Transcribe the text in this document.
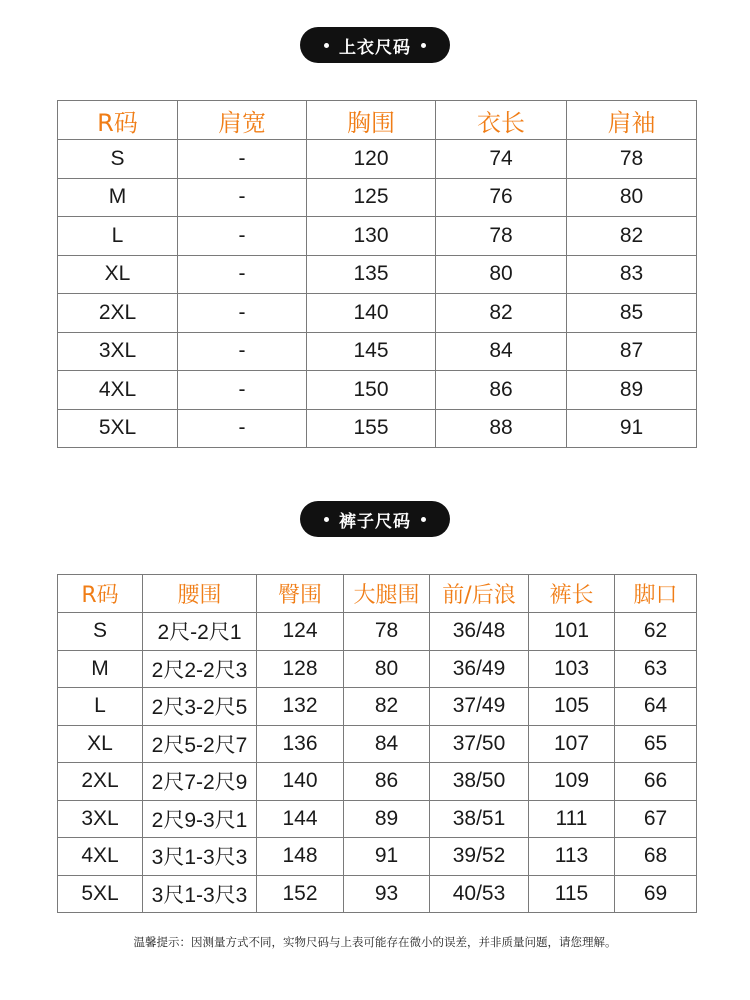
上衣尺码
R码	肩宽	胸围	衣长	肩袖
S	-	120	74	78
M	-	125	76	80
L	-	130	78	82
XL	-	135	80	83
2XL	-	140	82	85
3XL	-	145	84	87
4XL	-	150	86	89
5XL	-	155	88	91
裤子尺码
R码	腰围	臀围	大腿围	前/后浪	裤长	脚口
S	2尺-2尺1	124	78	36/48	101	62
M	2尺2-2尺3	128	80	36/49	103	63
L	2尺3-2尺5	132	82	37/49	105	64
XL	2尺5-2尺7	136	84	37/50	107	65
2XL	2尺7-2尺9	140	86	38/50	109	66
3XL	2尺9-3尺1	144	89	38/51	111	67
4XL	3尺1-3尺3	148	91	39/52	113	68
5XL	3尺1-3尺3	152	93	40/53	115	69
温馨提示：因测量方式不同，实物尺码与上表可能存在微小的误差，并非质量问题，请您理解。
